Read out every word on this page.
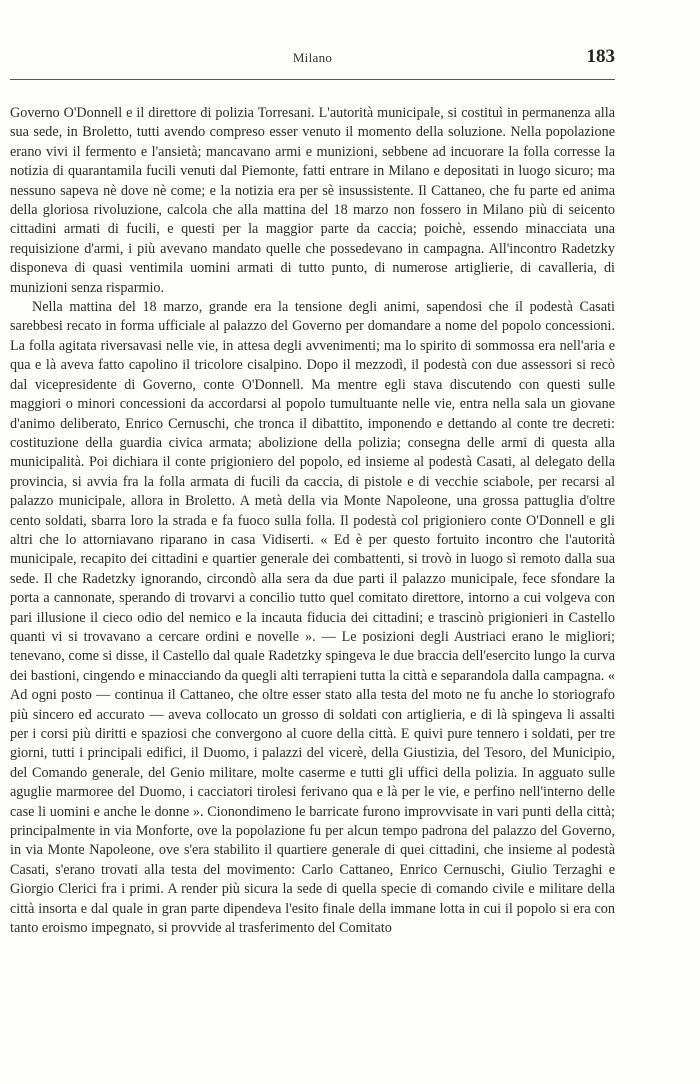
Milano	183

Governo O'Donnell e il direttore di polizia Torresani. L'autorità municipale, si costituì in permanenza alla sua sede, in Broletto, tutti avendo compreso esser venuto il momento della soluzione. Nella popolazione erano vivi il fermento e l'ansietà; mancavano armi e munizioni, sebbene ad incuorare la folla corresse la notizia di quarantamila fucili venuti dal Piemonte, fatti entrare in Milano e depositati in luogo sicuro; ma nessuno sapeva nè dove nè come; e la notizia era per sè insussistente. Il Cattaneo, che fu parte ed anima della gloriosa rivoluzione, calcola che alla mattina del 18 marzo non fossero in Milano più di seicento cittadini armati di fucili, e questi per la maggior parte da caccia; poichè, essendo minacciata una requisizione d'armi, i più avevano mandato quelle che possedevano in campagna. All'incontro Radetzky disponeva di quasi ventimila uomini armati di tutto punto, di numerose artiglierie, di cavalleria, di munizioni senza risparmio.

Nella mattina del 18 marzo, grande era la tensione degli animi, sapendosi che il podestà Casati sarebbesi recato in forma ufficiale al palazzo del Governo per domandare a nome del popolo concessioni. La folla agitata riversavasi nelle vie, in attesa degli avvenimenti; ma lo spirito di sommossa era nell'aria e qua e là aveva fatto capolino il tricolore cisalpino. Dopo il mezzodì, il podestà con due assessori si recò dal vicepresidente di Governo, conte O'Donnell. Ma mentre egli stava discutendo con questi sulle maggiori o minori concessioni da accordarsi al popolo tumultuante nelle vie, entra nella sala un giovane d'animo deliberato, Enrico Cernuschi, che tronca il dibattito, imponendo e dettando al conte tre decreti: costituzione della guardia civica armata; abolizione della polizia; consegna delle armi di questa alla municipalità. Poi dichiara il conte prigioniero del popolo, ed insieme al podestà Casati, al delegato della provincia, si avvia fra la folla armata di fucili da caccia, di pistole e di vecchie sciabole, per recarsi al palazzo municipale, allora in Broletto. A metà della via Monte Napoleone, una grossa pattuglia d'oltre cento soldati, sbarra loro la strada e fa fuoco sulla folla. Il podestà col prigioniero conte O'Donnell e gli altri che lo attorniavano riparano in casa Vidiserti. « Ed è per questo fortuito incontro che l'autorità municipale, recapito dei cittadini e quartier generale dei combattenti, si trovò in luogo sì remoto dalla sua sede. Il che Radetzky ignorando, circondò alla sera da due parti il palazzo municipale, fece sfondare la porta a cannonate, sperando di trovarvi a concilio tutto quel comitato direttore, intorno a cui volgeva con pari illusione il cieco odio del nemico e la incauta fiducia dei cittadini; e trascinò prigionieri in Castello quanti vi si trovavano a cercare ordini e novelle ». — Le posizioni degli Austriaci erano le migliori; tenevano, come si disse, il Castello dal quale Radetzky spingeva le due braccia dell'esercito lungo la curva dei bastioni, cingendo e minacciando da quegli alti terrapieni tutta la città e separandola dalla campagna. « Ad ogni posto — continua il Cattaneo, che oltre esser stato alla testa del moto ne fu anche lo storiografo più sincero ed accurato — aveva collocato un grosso di soldati con artiglieria, e di là spingeva li assalti per i corsi più diritti e spaziosi che convergono al cuore della città. E quivi pure tennero i soldati, per tre giorni, tutti i principali edifici, il Duomo, i palazzi del vicerè, della Giustizia, del Tesoro, del Municipio, del Comando generale, del Genio militare, molte caserme e tutti gli uffici della polizia. In agguato sulle aguglie marmoree del Duomo, i cacciatori tirolesi ferivano qua e là per le vie, e perfino nell'interno delle case li uomini e anche le donne ». Cionondimeno le barricate furono improvvisate in vari punti della città; principalmente in via Monforte, ove la popolazione fu per alcun tempo padrona del palazzo del Governo, in via Monte Napoleone, ove s'era stabilito il quartiere generale di quei cittadini, che insieme al podestà Casati, s'erano trovati alla testa del movimento: Carlo Cattaneo, Enrico Cernuschi, Giulio Terzaghi e Giorgio Clerici fra i primi. A render più sicura la sede di quella specie di comando civile e militare della città insorta e dal quale in gran parte dipendeva l'esito finale della immane lotta in cui il popolo si era con tanto eroismo impegnato, si provvide al trasferimento del Comitato
